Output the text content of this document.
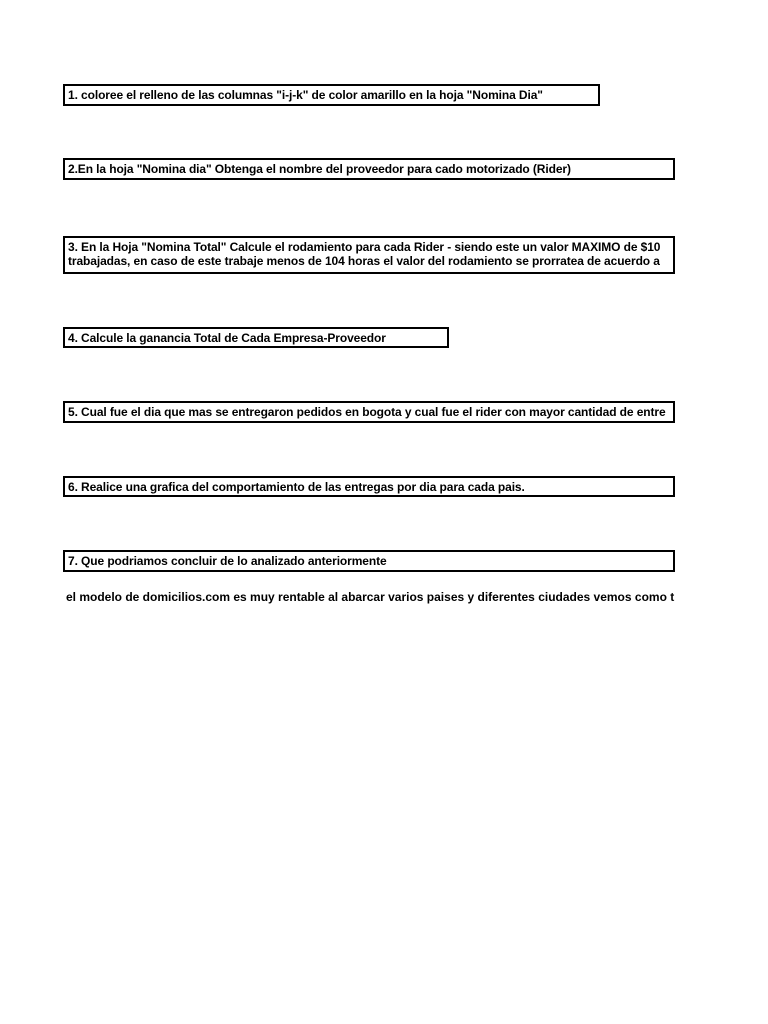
1. coloree el relleno de las columnas "i-j-k" de color amarillo en la hoja "Nomina Dia"
2.En la hoja "Nomina dia" Obtenga el nombre del proveedor para cado motorizado (Rider)
3. En la Hoja "Nomina Total" Calcule el rodamiento para cada Rider - siendo este un valor MAXIMO de $10
trabajadas, en caso de este trabaje menos de 104 horas el valor del rodamiento se prorratea de acuerdo a
4. Calcule la ganancia Total de Cada Empresa-Proveedor
5. Cual fue el dia que mas se entregaron pedidos en bogota y cual fue el rider con mayor cantidad de entre
6. Realice una grafica del comportamiento de las entregas por dia para cada pais.
7. Que podriamos concluir de lo analizado anteriormente
el modelo de domicilios.com es muy rentable al abarcar varios paises y diferentes ciudades vemos como t
